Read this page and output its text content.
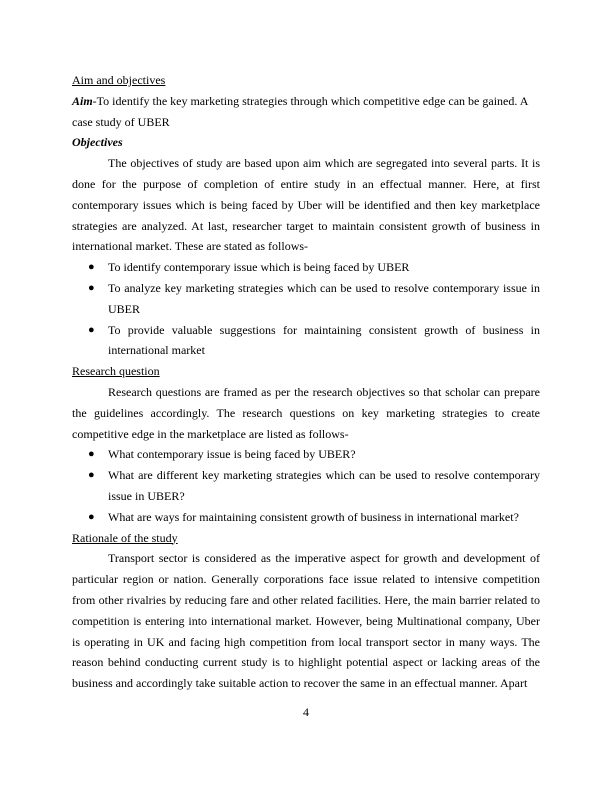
Aim and objectives

Aim-To identify the key marketing strategies through which competitive edge can be gained. A case study of UBER

Objectives

The objectives of study are based upon aim which are segregated into several parts. It is done for the purpose of completion of entire study in an effectual manner. Here, at first contemporary issues which is being faced by Uber will be identified and then key marketplace strategies are analyzed. At last, researcher target to maintain consistent growth of business in international market. These are stated as follows-

● To identify contemporary issue which is being faced by UBER
● To analyze key marketing strategies which can be used to resolve contemporary issue in UBER
● To provide valuable suggestions for maintaining consistent growth of business in international market
Research question

Research questions are framed as per the research objectives so that scholar can prepare the guidelines accordingly. The research questions on key marketing strategies to create competitive edge in the marketplace are listed as follows-

● What contemporary issue is being faced by UBER?
● What are different key marketing strategies which can be used to resolve contemporary issue in UBER?
● What are ways for maintaining consistent growth of business in international market?
Rationale of the study

Transport sector is considered as the imperative aspect for growth and development of particular region or nation. Generally corporations face issue related to intensive competition from other rivalries by reducing fare and other related facilities. Here, the main barrier related to competition is entering into international market. However, being Multinational company, Uber is operating in UK and facing high competition from local transport sector in many ways. The reason behind conducting current study is to highlight potential aspect or lacking areas of the business and accordingly take suitable action to recover the same in an effectual manner. Apart

4
